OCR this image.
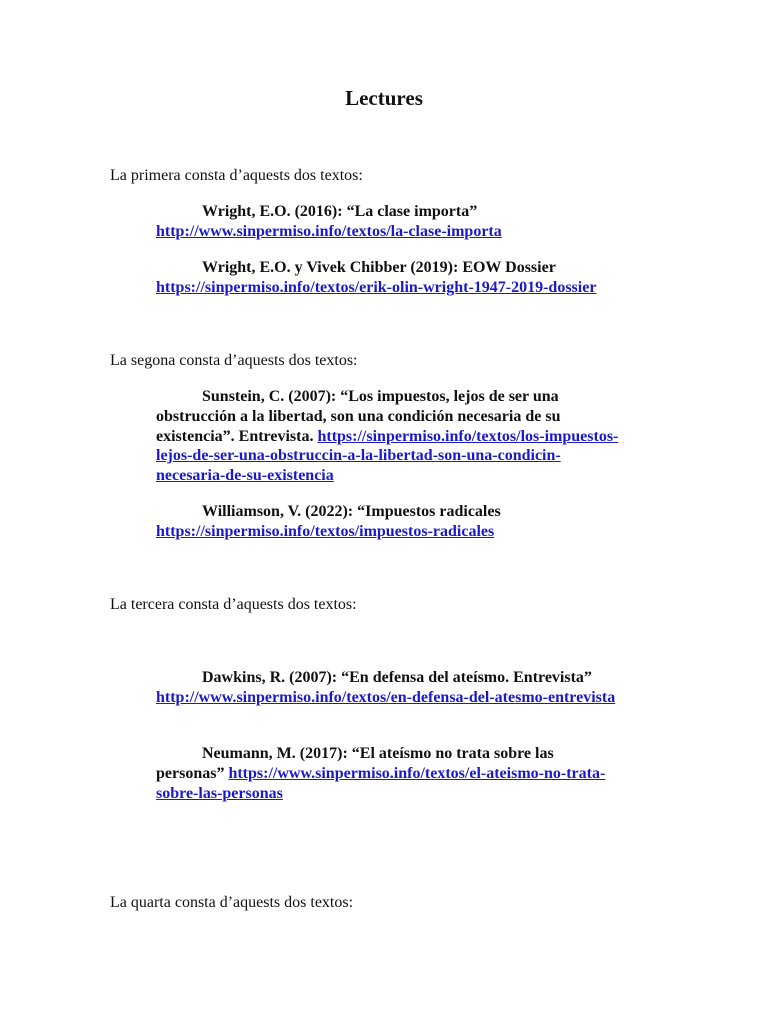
Lectures
La primera consta d’aquests dos textos:
Wright, E.O. (2016): “La clase importa”
http://www.sinpermiso.info/textos/la-clase-importa
Wright, E.O. y Vivek Chibber (2019): EOW Dossier
https://sinpermiso.info/textos/erik-olin-wright-1947-2019-dossier
La segona consta d’aquests dos textos:
Sunstein, C. (2007): “Los impuestos, lejos de ser una obstrucción a la libertad, son una condición necesaria de su existencia”. Entrevista. https://sinpermiso.info/textos/los-impuestos-lejos-de-ser-una-obstruccin-a-la-libertad-son-una-condicin-necesaria-de-su-existencia
Williamson, V. (2022): “Impuestos radicales
https://sinpermiso.info/textos/impuestos-radicales
La tercera consta d’aquests dos textos:
Dawkins, R. (2007): “En defensa del ateísmo. Entrevista”
http://www.sinpermiso.info/textos/en-defensa-del-atesmo-entrevista
Neumann, M. (2017): “El ateísmo no trata sobre las personas” https://www.sinpermiso.info/textos/el-ateismo-no-trata-sobre-las-personas
La quarta consta d’aquests dos textos:
